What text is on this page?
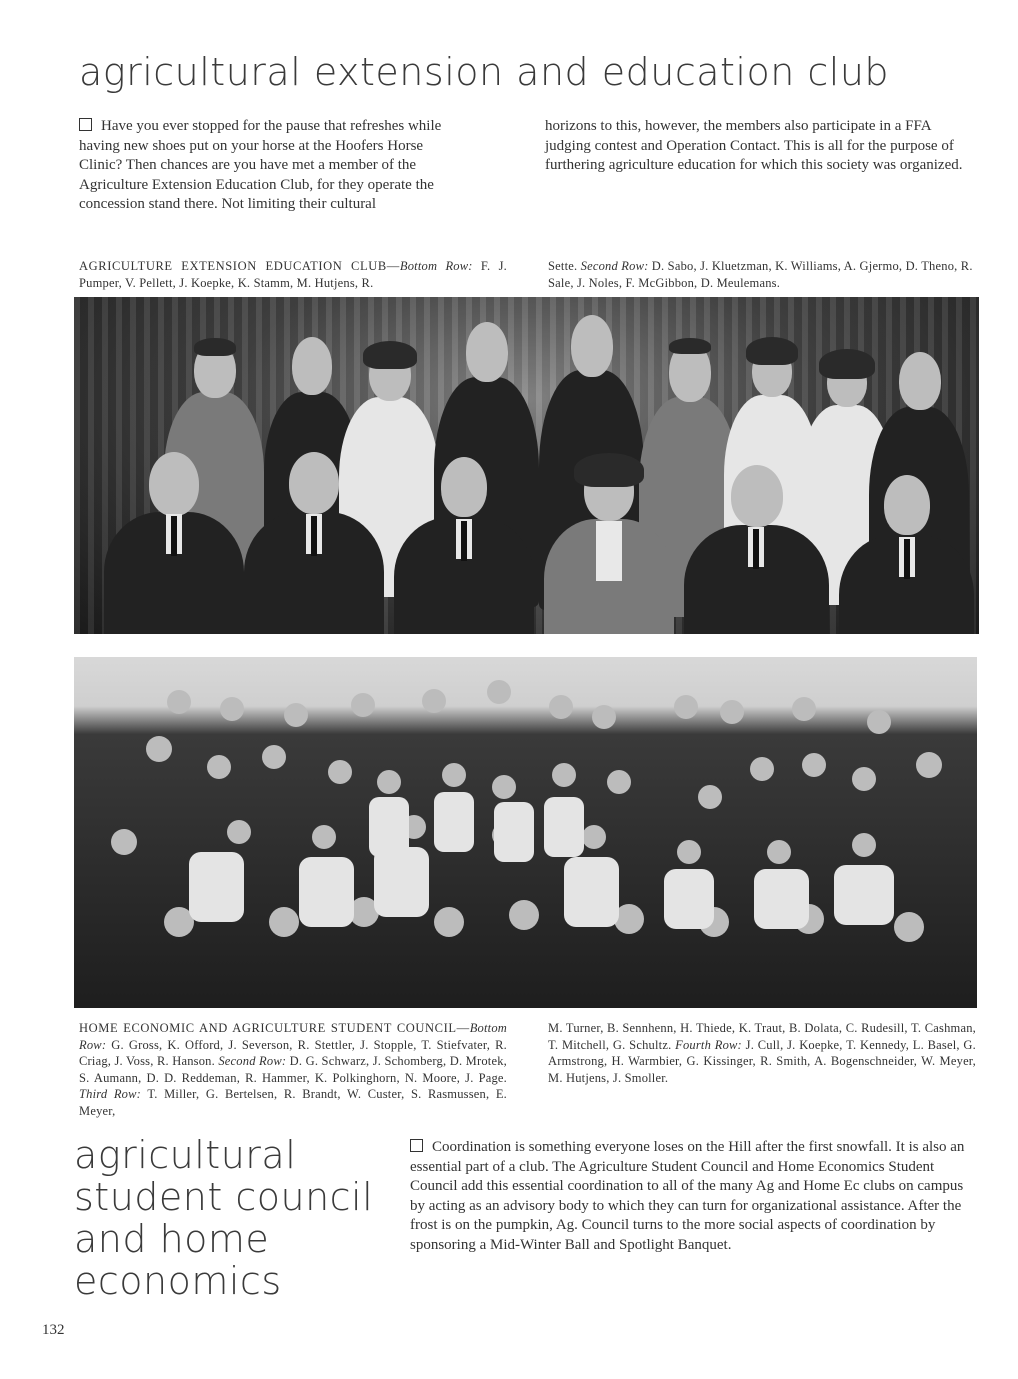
agricultural extension and education club
Have you ever stopped for the pause that refreshes while having new shoes put on your horse at the Hoofers Horse Clinic? Then chances are you have met a member of the Agriculture Extension Education Club, for they operate the concession stand there. Not limiting their cultural
horizons to this, however, the members also participate in a FFA judging contest and Operation Contact. This is all for the purpose of furthering agriculture education for which this society was organized.
AGRICULTURE EXTENSION EDUCATION CLUB—Bottom Row: F. J. Pumper, V. Pellett, J. Koepke, K. Stamm, M. Hutjens, R.
Sette. Second Row: D. Sabo, J. Kluetzman, K. Williams, A. Gjermo, D. Theno, R. Sale, J. Noles, F. McGibbon, D. Meulemans.
HOME ECONOMIC AND AGRICULTURE STUDENT COUNCIL—Bottom Row: G. Gross, K. Offord, J. Severson, R. Stettler, J. Stopple, T. Stiefvater, R. Criag, J. Voss, R. Hanson. Second Row: D. G. Schwarz, J. Schomberg, D. Mrotek, S. Aumann, D. D. Reddeman, R. Hammer, K. Polkinghorn, N. Moore, J. Page. Third Row: T. Miller, G. Bertelsen, R. Brandt, W. Custer, S. Rasmussen, E. Meyer,
M. Turner, B. Sennhenn, H. Thiede, K. Traut, B. Dolata, C. Rudesill, T. Cashman, T. Mitchell, G. Schultz. Fourth Row: J. Cull, J. Koepke, T. Kennedy, L. Basel, G. Armstrong, H. Warmbier, G. Kissinger, R. Smith, A. Bogenschneider, W. Meyer, M. Hutjens, J. Smoller.
agricultural
student council
and home
economics
Coordination is something everyone loses on the Hill after the first snowfall. It is also an essential part of a club. The Agriculture Student Council and Home Economics Student Council add this essential coordination to all of the many Ag and Home Ec clubs on campus by acting as an advisory body to which they can turn for organizational assistance. After the frost is on the pumpkin, Ag. Council turns to the more social aspects of coordination by sponsoring a Mid-Winter Ball and Spotlight Banquet.
132
